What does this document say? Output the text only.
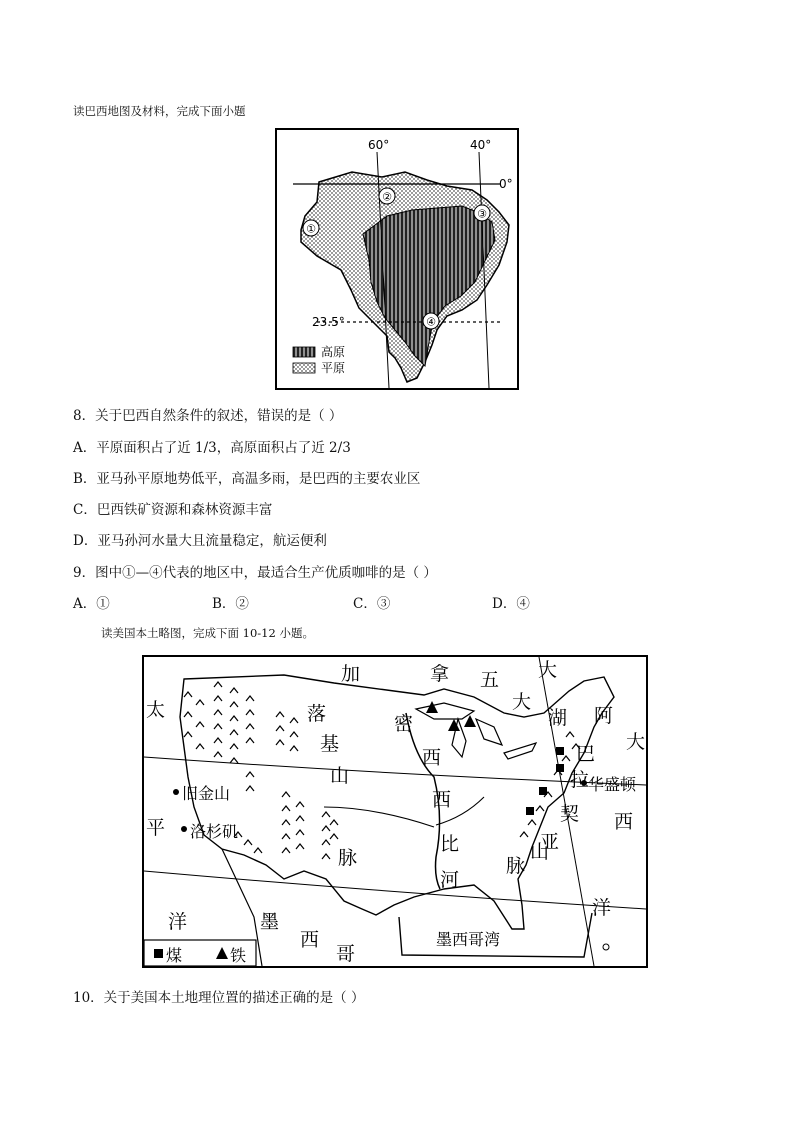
读巴西地图及材料，完成下面小题
①
②
③
④
60°	40°
0°
23.5°
高原
平原
8．关于巴西自然条件的叙述，错误的是（ ）
A．平原面积占了近 1/3，高原面积占了近 2/3
B．亚马孙平原地势低平，高温多雨，是巴西的主要农业区
C．巴西铁矿资源和森林资源丰富
D．亚马孙河水量大且流量稳定，航运便利
9．图中①—④代表的地区中，最适合生产优质咖啡的是（ ）
A．①	B．②	C．③	D．④
读美国本土略图，完成下面 10-12 小题。
加	拿 五 大
大
湖 阿
巴
拉
契
亚
山
脉
大
西
洋
太
平
洋
落
基
山
脉
密
西
西
比
河
墨
西
哥
墨西哥湾
旧金山
洛杉矶
华盛顿
煤	铁
10．关于美国本土地理位置的描述正确的是（ ）
